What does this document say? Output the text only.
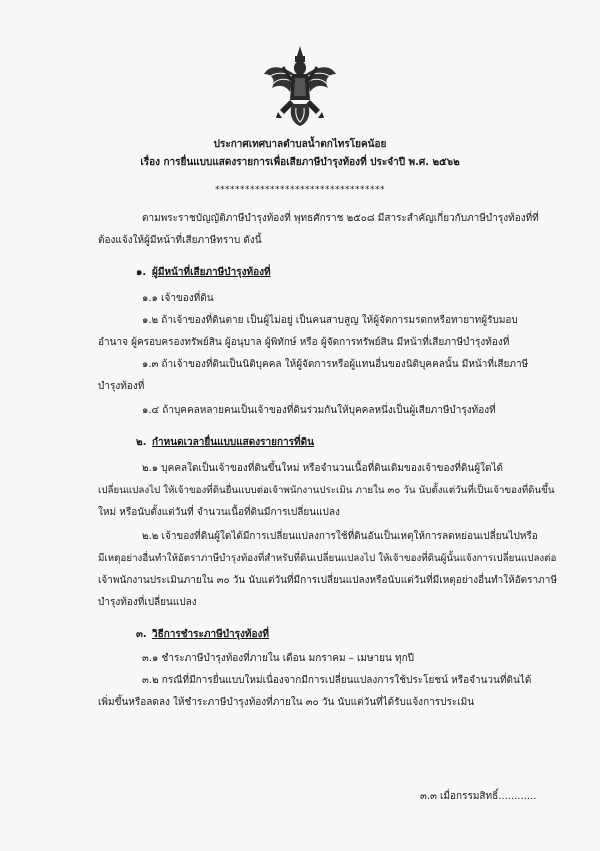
ประกาศเทศบาลตำบลน้ำตกไทรโยคน้อย
เรื่อง การยื่นแบบแสดงรายการเพื่อเสียภาษีบำรุงท้องที่ ประจำปี พ.ศ. ๒๕๖๒
**********************************
ตามพระราชบัญญัติภาษีบำรุงท้องที่ พุทธศักราช ๒๕๐๘ มีสาระสำคัญเกี่ยวกับภาษีบำรุงท้องที่ที่
ต้องแจ้งให้ผู้มีหน้าที่เสียภาษีทราบ ดังนี้
๑. ผู้มีหน้าที่เสียภาษีบำรุงท้องที่
๑.๑ เจ้าของที่ดิน
๑.๒ ถ้าเจ้าของที่ดินตาย เป็นผู้ไม่อยู่ เป็นคนสาบสูญ ให้ผู้จัดการมรดกหรือทายาทผู้รับมอบ
อำนาจ ผู้ครอบครองทรัพย์สิน ผู้อนุบาล ผู้พิทักษ์ หรือ ผู้จัดการทรัพย์สิน มีหน้าที่เสียภาษีบำรุงท้องที่
๑.๓ ถ้าเจ้าของที่ดินเป็นนิติบุคคล ให้ผู้จัดการหรือผู้แทนอื่นของนิติบุคคลนั้น มีหน้าที่เสียภาษี
บำรุงท้องที่
๑.๔ ถ้าบุคคลหลายคนเป็นเจ้าของที่ดินร่วมกันให้บุคคลหนึ่งเป็นผู้เสียภาษีบำรุงท้องที่
๒. กำหนดเวลายื่นแบบแสดงรายการที่ดิน
๒.๑ บุคคลใดเป็นเจ้าของที่ดินขึ้นใหม่ หรือจำนวนเนื้อที่ดินเดิมของเจ้าของที่ดินผู้ใดได้
เปลี่ยนแปลงไป ให้เจ้าของที่ดินยื่นแบบต่อเจ้าพนักงานประเมิน ภายใน ๓๐ วัน นับตั้งแต่วันที่เป็นเจ้าของที่ดินขึ้น
ใหม่ หรือนับตั้งแต่วันที่ จำนวนเนื้อที่ดินมีการเปลี่ยนแปลง
๒.๒ เจ้าของที่ดินผู้ใดได้มีการเปลี่ยนแปลงการใช้ที่ดินอันเป็นเหตุให้การลดหย่อนเปลี่ยนไปหรือ
มีเหตุอย่างอื่นทำให้อัตราภาษีบำรุงท้องที่สำหรับที่ดินเปลี่ยนแปลงไป ให้เจ้าของที่ดินผู้นั้นแจ้งการเปลี่ยนแปลงต่อ
เจ้าพนักงานประเมินภายใน ๓๐ วัน นับแต่วันที่มีการเปลี่ยนแปลงหรือนับแต่วันที่มีเหตุอย่างอื่นทำให้อัตราภาษี
บำรุงท้องที่เปลี่ยนแปลง
๓. วิธีการชำระภาษีบำรุงท้องที่
๓.๑ ชำระภาษีบำรุงท้องที่ภายใน เดือน มกราคม – เมษายน ทุกปี
๓.๒ กรณีที่มีการยื่นแบบใหม่เนื่องจากมีการเปลี่ยนแปลงการใช้ประโยชน์ หรือจำนวนที่ดินได้
เพิ่มขึ้นหรือลดลง ให้ชำระภาษีบำรุงท้องที่ภายใน ๓๐ วัน นับแต่วันที่ได้รับแจ้งการประเมิน
๓.๓ เมื่อกรรมสิทธิ์............
